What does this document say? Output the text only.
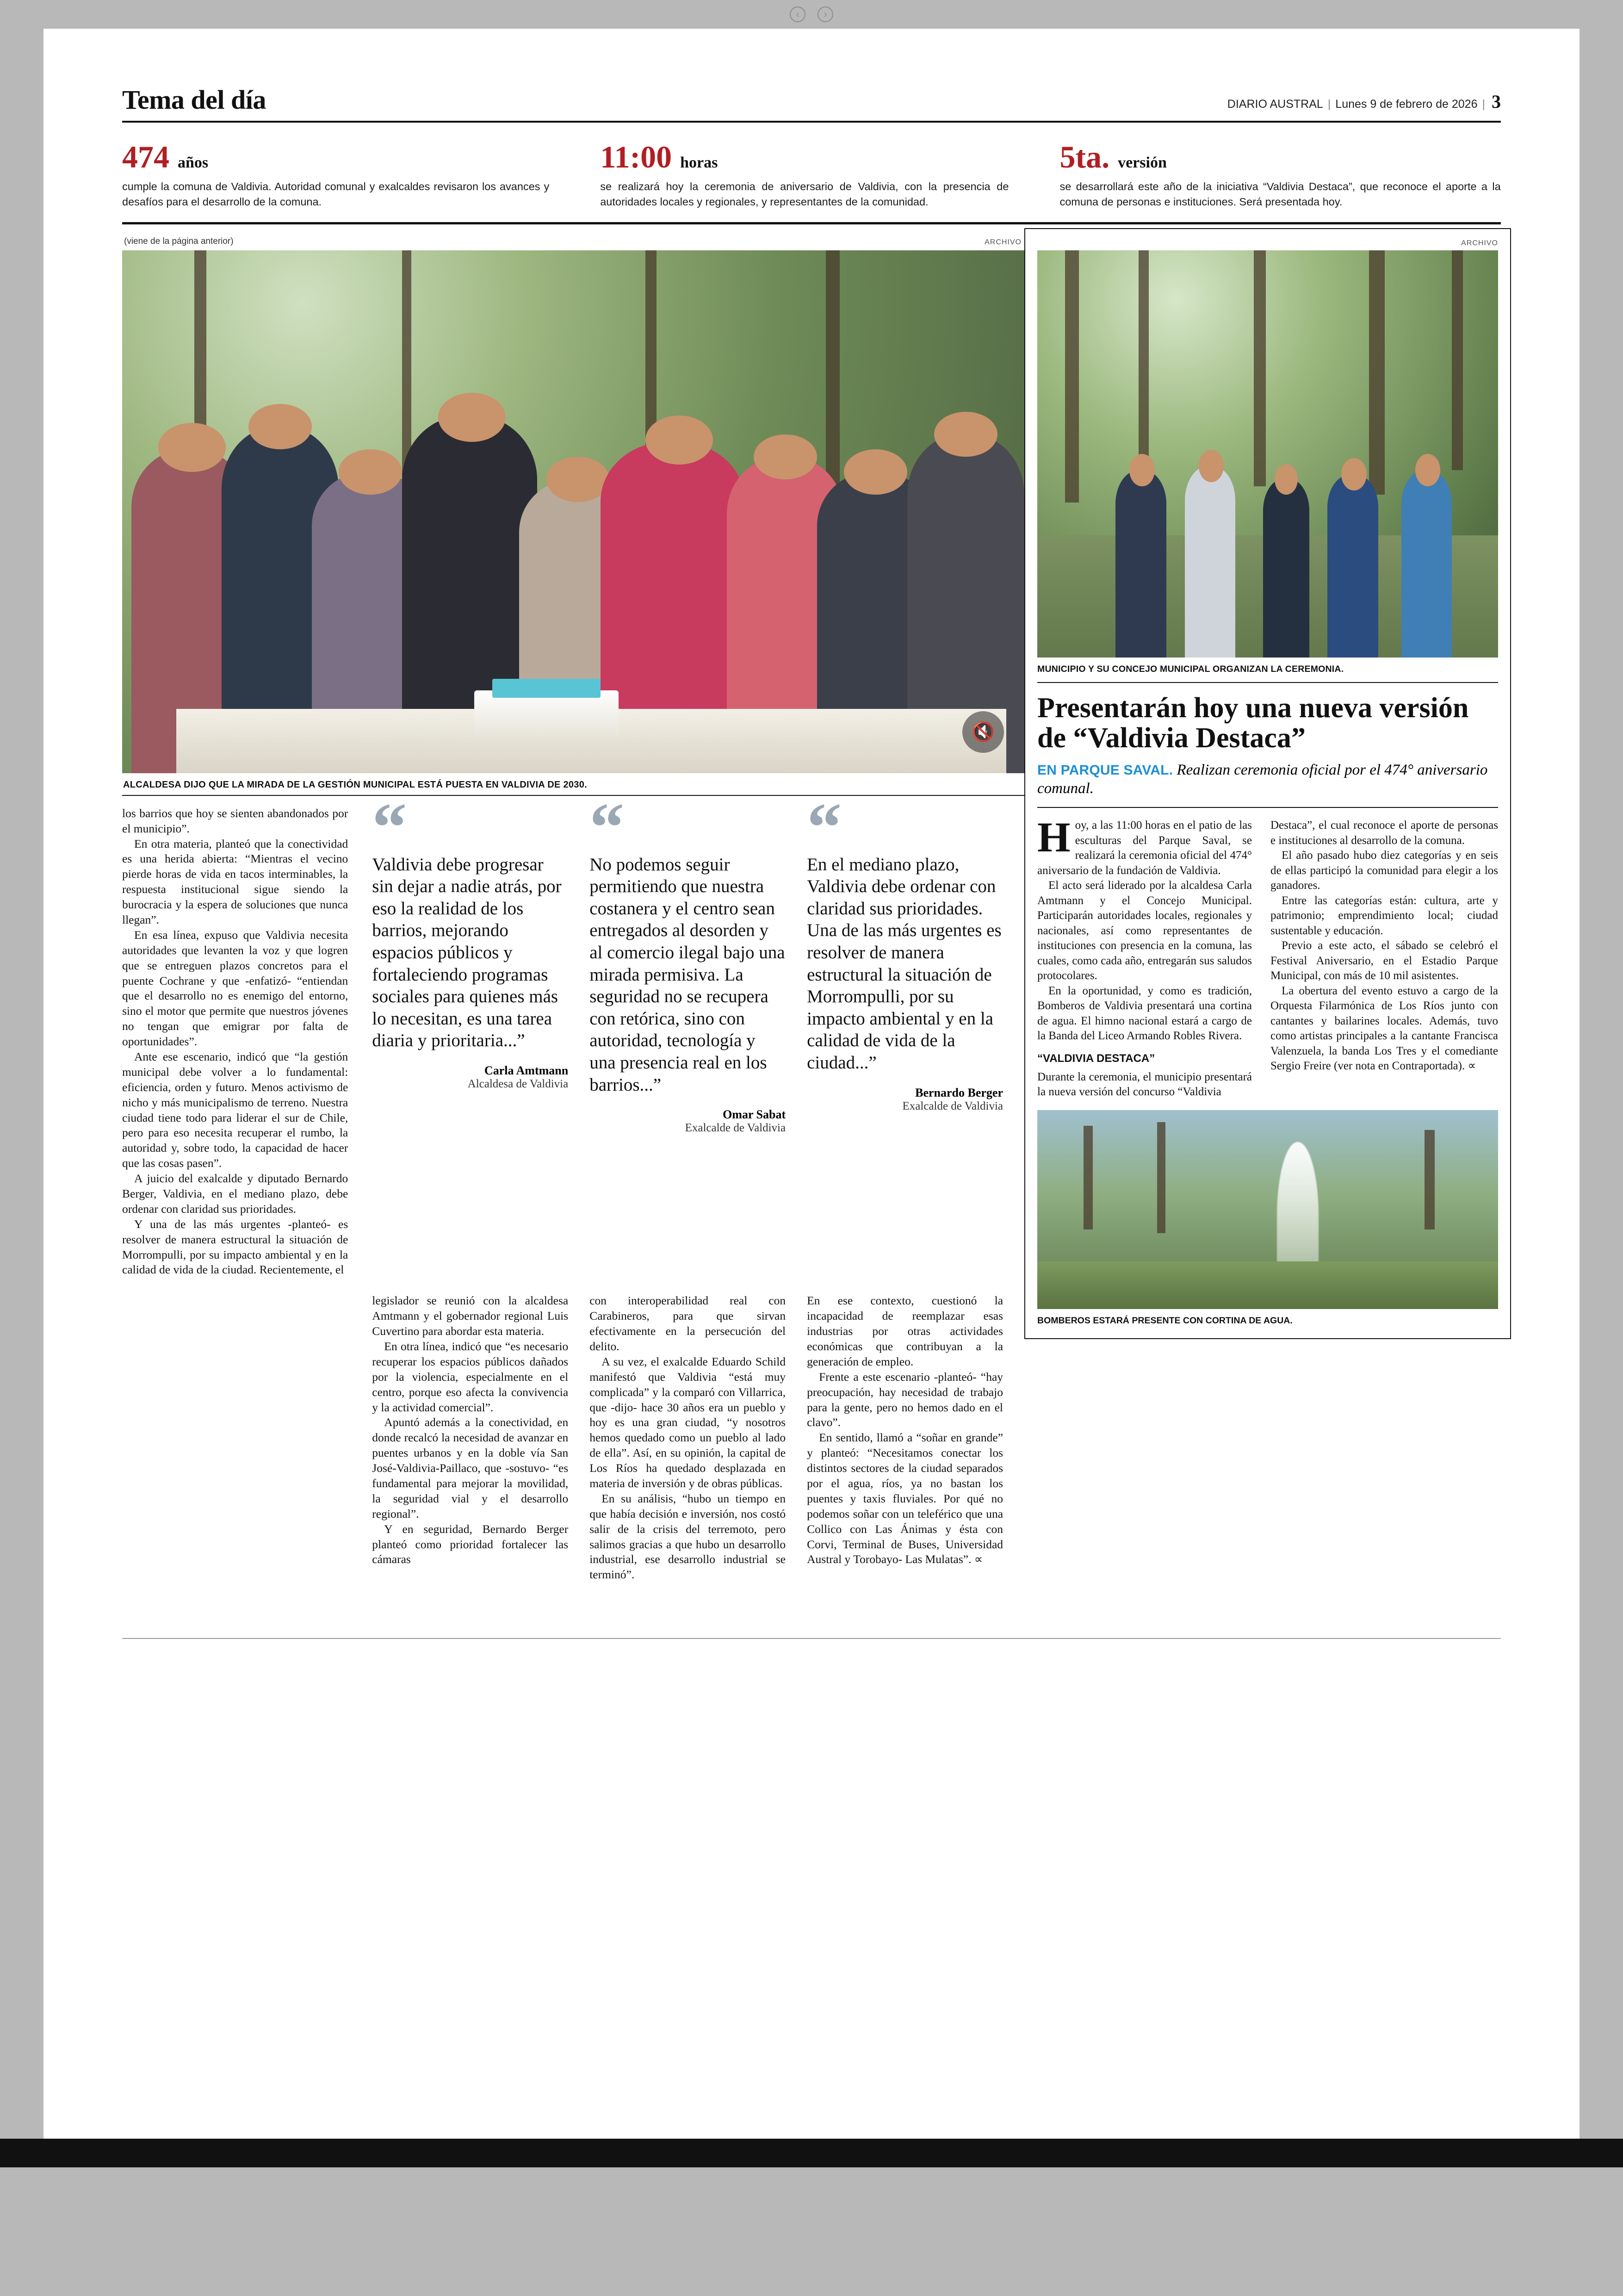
‹	›
Tema del día	DIARIO AUSTRAL | Lunes 9 de febrero de 2026 | 3
474 años
cumple la comuna de Valdivia. Autoridad comunal y exalcaldes revisaron los avances y desafíos para el desarrollo de la comuna.
11:00 horas
se realizará hoy la ceremonia de aniversario de Valdivia, con la presencia de autoridades locales y regionales, y representantes de la comunidad.
5ta. versión
se desarrollará este año de la iniciativa “Valdivia Destaca”, que reconoce el aporte a la comuna de personas e instituciones. Será presentada hoy.
(viene de la página anterior)	ARCHIVO
🔇
ALCALDESA DIJO QUE LA MIRADA DE LA GESTIÓN MUNICIPAL ESTÁ PUESTA EN VALDIVIA DE 2030.

los barrios que hoy se sienten abandonados por el municipio”.

En otra materia, planteó que la conectividad es una herida abierta: “Mientras el vecino pierde horas de vida en tacos interminables, la respuesta institucional sigue siendo la burocracia y la espera de soluciones que nunca llegan”.

En esa línea, expuso que Valdivia necesita autoridades que levanten la voz y que logren que se entreguen plazos concretos para el puente Cochrane y que -enfatizó- “entiendan que el desarrollo no es enemigo del entorno, sino el motor que permite que nuestros jóvenes no tengan que emigrar por falta de oportunidades”.

Ante ese escenario, indicó que “la gestión municipal debe volver a lo fundamental: eficiencia, orden y futuro. Menos activismo de nicho y más municipalismo de terreno. Nuestra ciudad tiene todo para liderar el sur de Chile, pero para eso necesita recuperar el rumbo, la autoridad y, sobre todo, la capacidad de hacer que las cosas pasen”.

A juicio del exalcalde y diputado Bernardo Berger, Valdivia, en el mediano plazo, debe ordenar con claridad sus prioridades.

Y una de las más urgentes -planteó- es resolver de manera estructural la situación de Morrompulli, por su impacto ambiental y en la calidad de vida de la ciudad. Recientemente, el

“
Valdivia debe progresar sin dejar a nadie atrás, por eso la realidad de los barrios, mejorando espacios públicos y fortaleciendo programas sociales para quienes más lo necesitan, es una tarea diaria y prioritaria...”
Carla Amtmann
Alcaldesa de Valdivia
“
No podemos seguir permitiendo que nuestra costanera y el centro sean entregados al desorden y al comercio ilegal bajo una mirada permisiva. La seguridad no se recupera con retórica, sino con autoridad, tecnología y una presencia real en los barrios...”
Omar Sabat
Exalcalde de Valdivia
“
En el mediano plazo, Valdivia debe ordenar con claridad sus prioridades. Una de las más urgentes es resolver de manera estructural la situación de Morrompulli, por su impacto ambiental y en la calidad de vida de la ciudad...”
Bernardo Berger
Exalcalde de Valdivia

legislador se reunió con la alcaldesa Amtmann y el gobernador regional Luis Cuvertino para abordar esta materia.

En otra línea, indicó que “es necesario recuperar los espacios públicos dañados por la violencia, especialmente en el centro, porque eso afecta la convivencia y la actividad comercial”.

Apuntó además a la conectividad, en donde recalcó la necesidad de avanzar en puentes urbanos y en la doble vía San José-Valdivia-Paillaco, que -sostuvo- “es fundamental para mejorar la movilidad, la seguridad vial y el desarrollo regional”.

Y en seguridad, Bernardo Berger planteó como prioridad fortalecer las cámaras

con interoperabilidad real con Carabineros, para que sirvan efectivamente en la persecución del delito.

A su vez, el exalcalde Eduardo Schild manifestó que Valdivia “está muy complicada” y la comparó con Villarrica, que -dijo- hace 30 años era un pueblo y hoy es una gran ciudad, “y nosotros hemos quedado como un pueblo al lado de ella”. Así, en su opinión, la capital de Los Ríos ha quedado desplazada en materia de inversión y de obras públicas.

En su análisis, “hubo un tiempo en que había decisión e inversión, nos costó salir de la crisis del terremoto, pero salimos gracias a que hubo un desarrollo industrial, ese desarrollo industrial se terminó”.

En ese contexto, cuestionó la incapacidad de reemplazar esas industrias por otras actividades económicas que contribuyan a la generación de empleo.

Frente a este escenario -planteó- “hay preocupación, hay necesidad de trabajo para la gente, pero no hemos dado en el clavo”.

En sentido, llamó a “soñar en grande” y planteó: “Necesitamos conectar los distintos sectores de la ciudad separados por el agua, ríos, ya no bastan los puentes y taxis fluviales. Por qué no podemos soñar con un teleférico que una Collico con Las Ánimas y ésta con Corvi, Terminal de Buses, Universidad Austral y Torobayo- Las Mulatas”. ∝

ARCHIVO
MUNICIPIO Y SU CONCEJO MUNICIPAL ORGANIZAN LA CEREMONIA.
Presentarán hoy una nueva versión de “Valdivia Destaca”
EN PARQUE SAVAL. Realizan ceremonia oficial por el 474° aniversario comunal.

Hoy, a las 11:00 horas en el patio de las esculturas del Parque Saval, se realizará la ceremonia oficial del 474° aniversario de la fundación de Valdivia.

El acto será liderado por la alcaldesa Carla Amtmann y el Concejo Municipal. Participarán autoridades locales, regionales y nacionales, así como representantes de instituciones con presencia en la comuna, las cuales, como cada año, entregarán sus saludos protocolares.

En la oportunidad, y como es tradición, Bomberos de Valdivia presentará una cortina de agua. El himno nacional estará a cargo de la Banda del Liceo Armando Robles Rivera.

“VALDIVIA DESTACA”

Durante la ceremonia, el municipio presentará la nueva versión del concurso “Valdivia

Destaca”, el cual reconoce el aporte de personas e instituciones al desarrollo de la comuna.

El año pasado hubo diez categorías y en seis de ellas participó la comunidad para elegir a los ganadores.

Entre las categorías están: cultura, arte y patrimonio; emprendimiento local; ciudad sustentable y educación.

Previo a este acto, el sábado se celebró el Festival Aniversario, en el Estadio Parque Municipal, con más de 10 mil asistentes.

La obertura del evento estuvo a cargo de la Orquesta Filarmónica de Los Ríos junto con cantantes y bailarines locales. Además, tuvo como artistas principales a la cantante Francisca Valenzuela, la banda Los Tres y el comediante Sergio Freire (ver nota en Contraportada). ∝

BOMBEROS ESTARÁ PRESENTE CON CORTINA DE AGUA.
